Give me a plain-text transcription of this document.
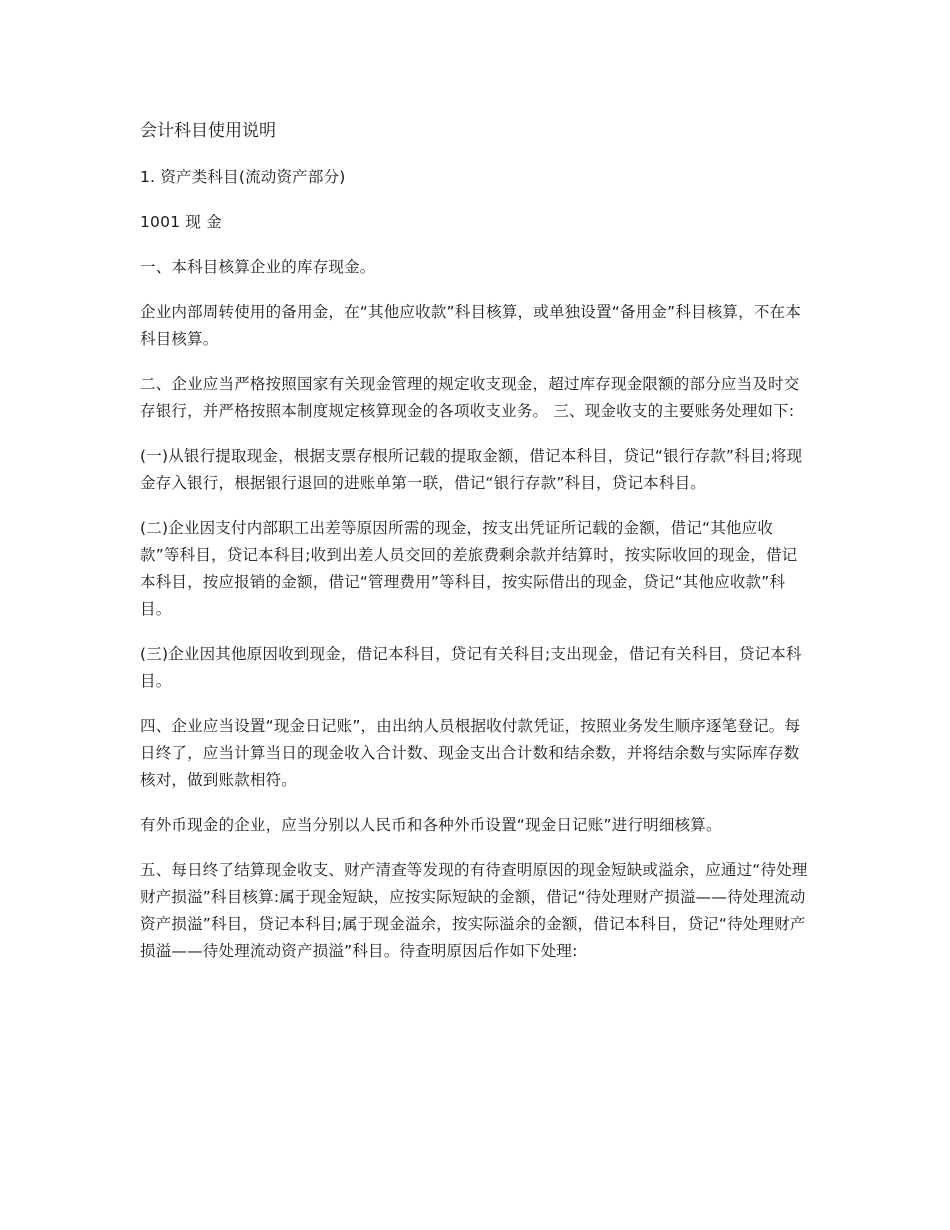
会计科目使用说明
1. 资产类科目(流动资产部分)
1001 现 金
一、本科目核算企业的库存现金。
企业内部周转使用的备用金，在“其他应收款”科目核算，或单独设置“备用金”科目核算，不在本科目核算。
二、企业应当严格按照国家有关现金管理的规定收支现金，超过库存现金限额的部分应当及时交存银行，并严格按照本制度规定核算现金的各项收支业务。 三、现金收支的主要账务处理如下:
(一)从银行提取现金，根据支票存根所记载的提取金额，借记本科目，贷记“银行存款”科目;将现金存入银行，根据银行退回的进账单第一联，借记“银行存款”科目，贷记本科目。
(二)企业因支付内部职工出差等原因所需的现金，按支出凭证所记载的金额，借记“其他应收款”等科目，贷记本科目;收到出差人员交回的差旅费剩余款并结算时，按实际收回的现金，借记本科目，按应报销的金额，借记“管理费用”等科目，按实际借出的现金，贷记“其他应收款”科目。
(三)企业因其他原因收到现金，借记本科目，贷记有关科目;支出现金，借记有关科目，贷记本科目。
四、企业应当设置“现金日记账”，由出纳人员根据收付款凭证，按照业务发生顺序逐笔登记。每日终了，应当计算当日的现金收入合计数、现金支出合计数和结余数，并将结余数与实际库存数核对，做到账款相符。
有外币现金的企业，应当分别以人民币和各种外币设置“现金日记账”进行明细核算。
五、每日终了结算现金收支、财产清查等发现的有待查明原因的现金短缺或溢余，应通过“待处理财产损溢”科目核算:属于现金短缺，应按实际短缺的金额，借记“待处理财产损溢——待处理流动资产损溢”科目，贷记本科目;属于现金溢余，按实际溢余的金额，借记本科目，贷记“待处理财产损溢——待处理流动资产损溢”科目。待查明原因后作如下处理:
